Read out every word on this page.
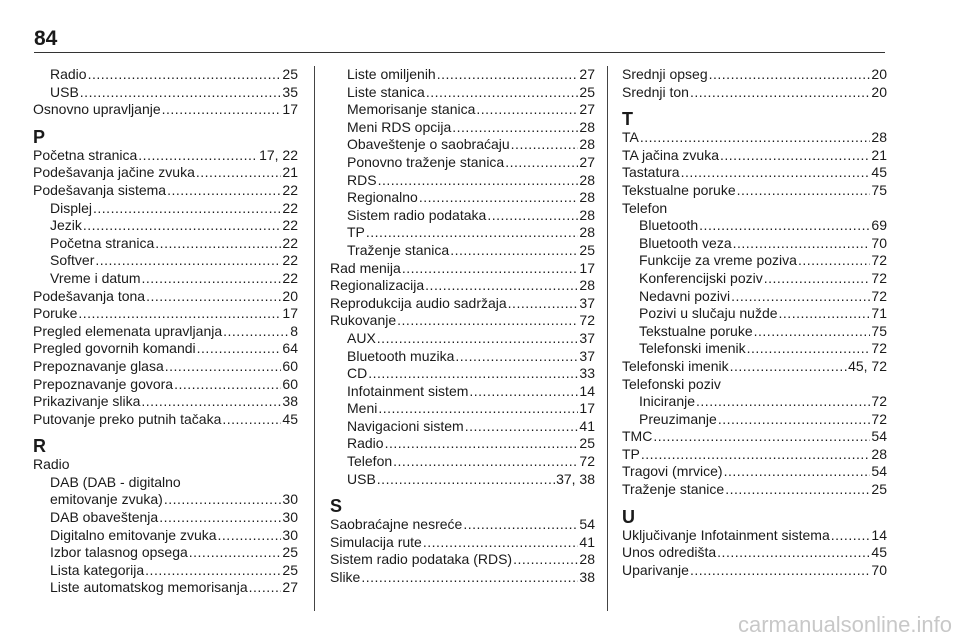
84
Radio .....	25
USB .....	35
Osnovno upravljanje .....	17
P
Početna stranica .....	17, 22
Podešavanja jačine zvuka .....	21
Podešavanja sistema .....	22
Displej .....	22
Jezik .....	22
Početna stranica .....	22
Softver .....	22
Vreme i datum .....	22
Podešavanja tona .....	20
Poruke .....	17
Pregled elemenata upravljanja .....	8
Pregled govornih komandi .....	64
Prepoznavanje glasa .....	60
Prepoznavanje govora .....	60
Prikazivanje slika .....	38
Putovanje preko putnih tačaka .....	45
R
Radio
DAB (DAB - digitalno
emitovanje zvuka) .....	30
DAB obaveštenja .....	30
Digitalno emitovanje zvuka .....	30
Izbor talasnog opsega .....	25
Lista kategorija .....	25
Liste automatskog memorisanja ..... 27
Liste omiljenih .....	27
Liste stanica .....	25
Memorisanje stanica .....	27
Meni RDS opcija .....	28
Obaveštenje o saobraćaju .....	28
Ponovno traženje stanica .....	27
RDS .....	28
Regionalno .....	28
Sistem radio podataka .....	28
TP .....	28
Traženje stanica .....	25
Rad menija .....	17
Regionalizacija .....	28
Reprodukcija audio sadržaja .....	37
Rukovanje .....	72
AUX .....	37
Bluetooth muzika .....	37
CD .....	33
Infotainment sistem .....	14
Meni .....	17
Navigacioni sistem .....	41
Radio .....	25
Telefon .....	72
USB .....	37, 38
S
Saobraćajne nesreće .....	54
Simulacija rute .....	41
Sistem radio podataka (RDS) .....	28
Slike .....	38
Srednji opseg .....	20
Srednji ton .....	20
T
TA .....	28
TA jačina zvuka .....	21
Tastatura .....	45
Tekstualne poruke .....	75
Telefon
Bluetooth .....	69
Bluetooth veza .....	70
Funkcije za vreme poziva .....	72
Konferencijski poziv .....	72
Nedavni pozivi .....	72
Pozivi u slučaju nužde .....	71
Tekstualne poruke .....	75
Telefonski imenik .....	72
Telefonski imenik .....	45, 72
Telefonski poziv
Iniciranje .....	72
Preuzimanje .....	72
TMC .....	54
TP .....	28
Tragovi (mrvice) .....	54
Traženje stanice .....	25
U
Uključivanje Infotainment sistema .....	14
Unos odredišta .....	45
Uparivanje .....	70
carmanualsonline.info
